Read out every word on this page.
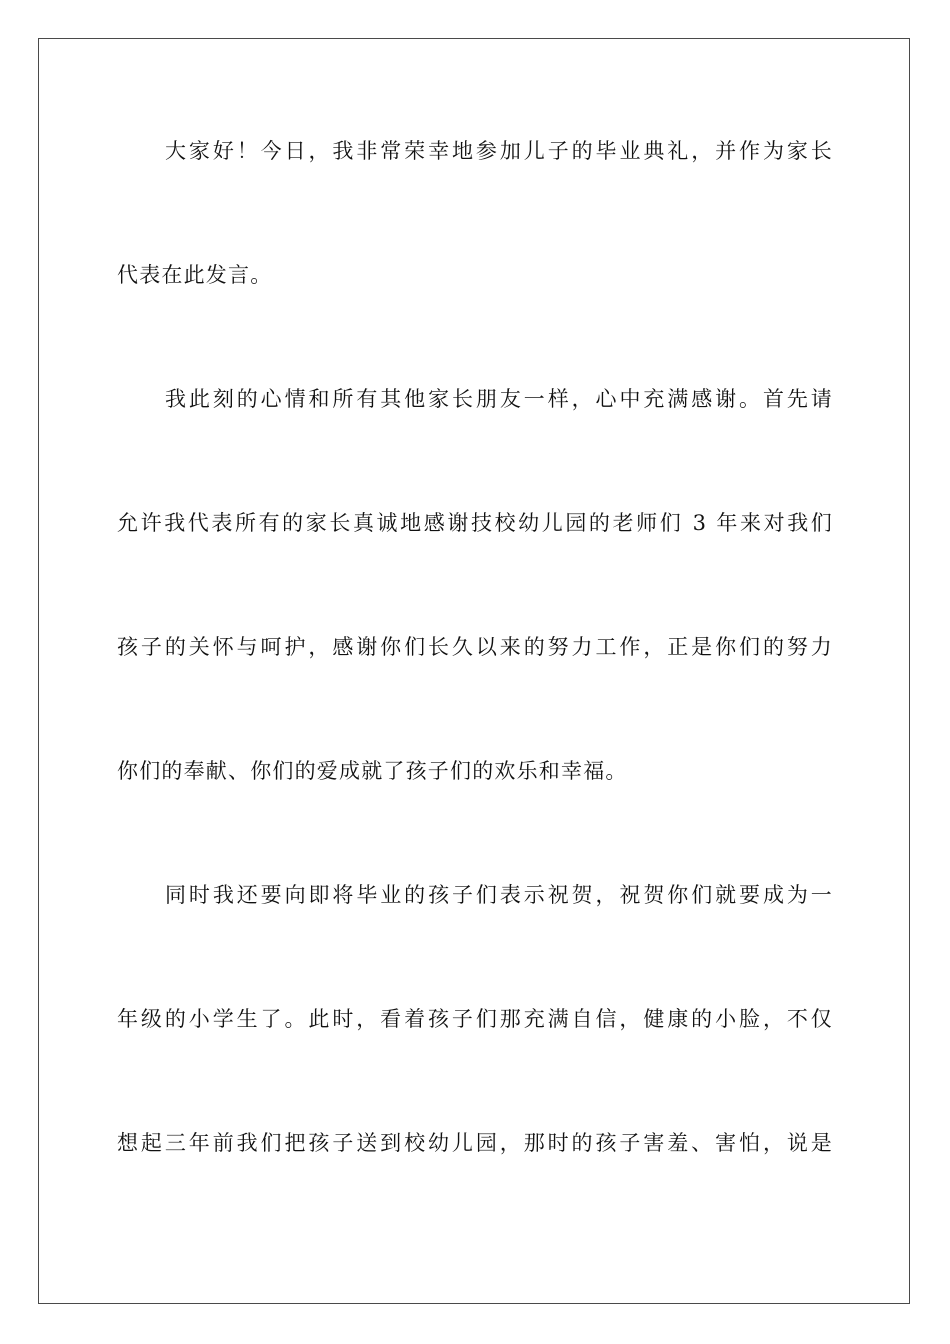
大家好！今日，我非常荣幸地参加儿子的毕业典礼，并作为家长
代表在此发言。
我此刻的心情和所有其他家长朋友一样，心中充满感谢。首先请
允许我代表所有的家长真诚地感谢技校幼儿园的老师们 3 年来对我们
孩子的关怀与呵护，感谢你们长久以来的努力工作，正是你们的努力
你们的奉献、你们的爱成就了孩子们的欢乐和幸福。
同时我还要向即将毕业的孩子们表示祝贺，祝贺你们就要成为一
年级的小学生了。此时，看着孩子们那充满自信，健康的小脸，不仅
想起三年前我们把孩子送到校幼儿园，那时的孩子害羞、害怕，说是
